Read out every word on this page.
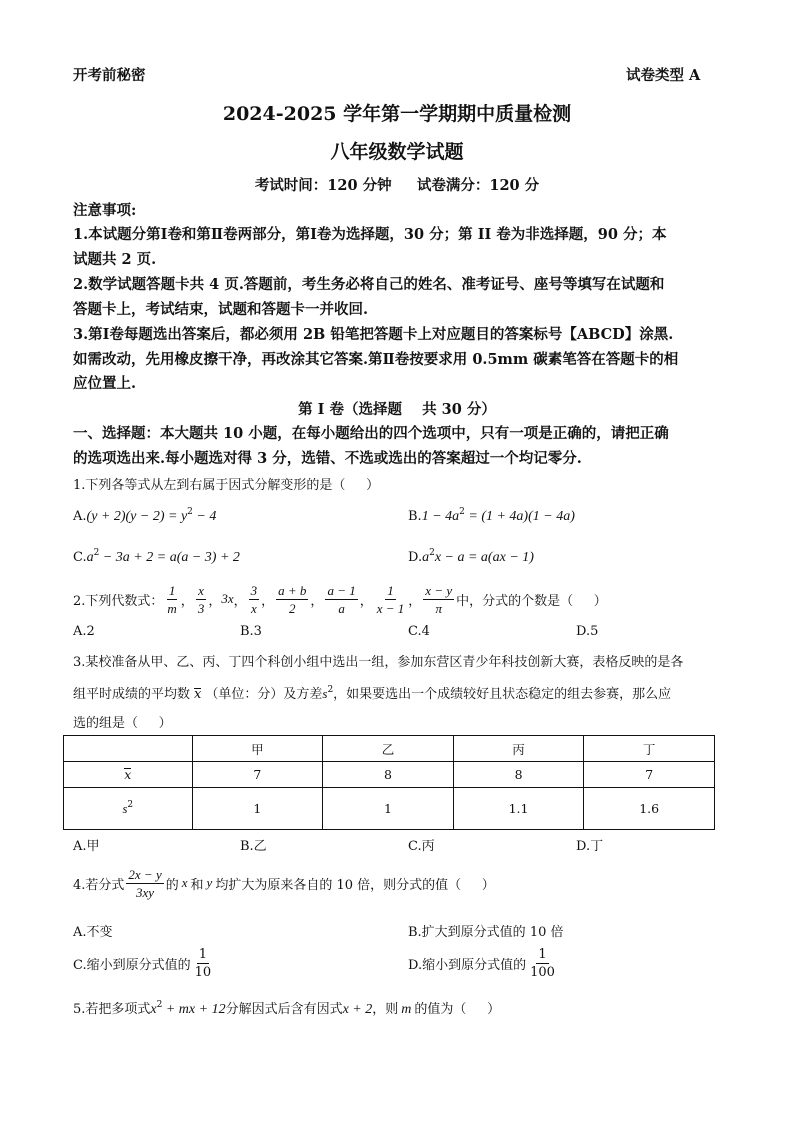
开考前秘密	试卷类型 A
2024-2025 学年第一学期期中质量检测
八年级数学试题
考试时间：120 分钟     试卷满分：120 分
注意事项:
1.本试题分第Ⅰ卷和第Ⅱ卷两部分，第Ⅰ卷为选择题，30 分；第 II 卷为非选择题，90 分；本
试题共 2 页.
2.数学试题答题卡共 4 页.答题前，考生务必将自己的姓名、准考证号、座号等填写在试题和
答题卡上，考试结束，试题和答题卡一并收回.
3.第Ⅰ卷每题选出答案后，都必须用 2B 铅笔把答题卡上对应题目的答案标号【ABCD】涂黑.
如需改动，先用橡皮擦干净，再改涂其它答案.第Ⅱ卷按要求用 0.5mm 碳素笔答在答题卡的相
应位置上.
第 I 卷（选择题    共 30 分）
一、选择题：本大题共 10 小题，在每小题给出的四个选项中，只有一项是正确的，请把正确
的选项选出来.每小题选对得 3 分，选错、不选或选出的答案超过一个均记零分.
1.下列各等式从左到右属于因式分解变形的是（     ）
$A.(y + 2)(y - 2) = y^2 - 4$	$B.1 - 4a^2 = (1 + 4a)(1 - 4a)$
$C.a^2 - 3a + 2 = a(a - 3) + 2$	$D.a^2x - a = a(ax - 1)$
2.下列代数式： $\frac{1}{m}$ ， $\frac{x}{3}$ ， 3x ， $\frac{3}{x}$ ， $\frac{a + b}{2}$ ， $\frac{a - 1}{a}$ ， $\frac{1}{x - 1}$ ， $\frac{x - y}{\pi}$ 中，分式的个数是（     ）
A.2	B.3	C.4	D.5
3.某校准备从甲、乙、丙、丁四个科创小组中选出一组，参加东营区青少年科技创新大赛，表格反映的是各
组平时成绩的平均数 x （单位：分）及方差$s^2$，如果要选出一个成绩较好且状态稳定的组去参赛，那么应
选的组是（     ）
	甲	乙	丙	丁
x	7	8	8	7
$s^2$	1	1	1.1	1.6
A.甲	B.乙	C.丙	D.丁
4.若分式 $\frac{2x - y}{3xy}$ 的 x 和 y 均扩大为原来各自的 10 倍，则分式的值（     ）
A.不变	B.扩大到原分式值的 10 倍
C.缩小到原分式值的 $\frac{1}{10}$	D.缩小到原分式值的 $\frac{1}{100}$
5.若把多项式$x^2$ + mx + 12分解因式后含有因式x + 2，则 m 的值为（     ）
